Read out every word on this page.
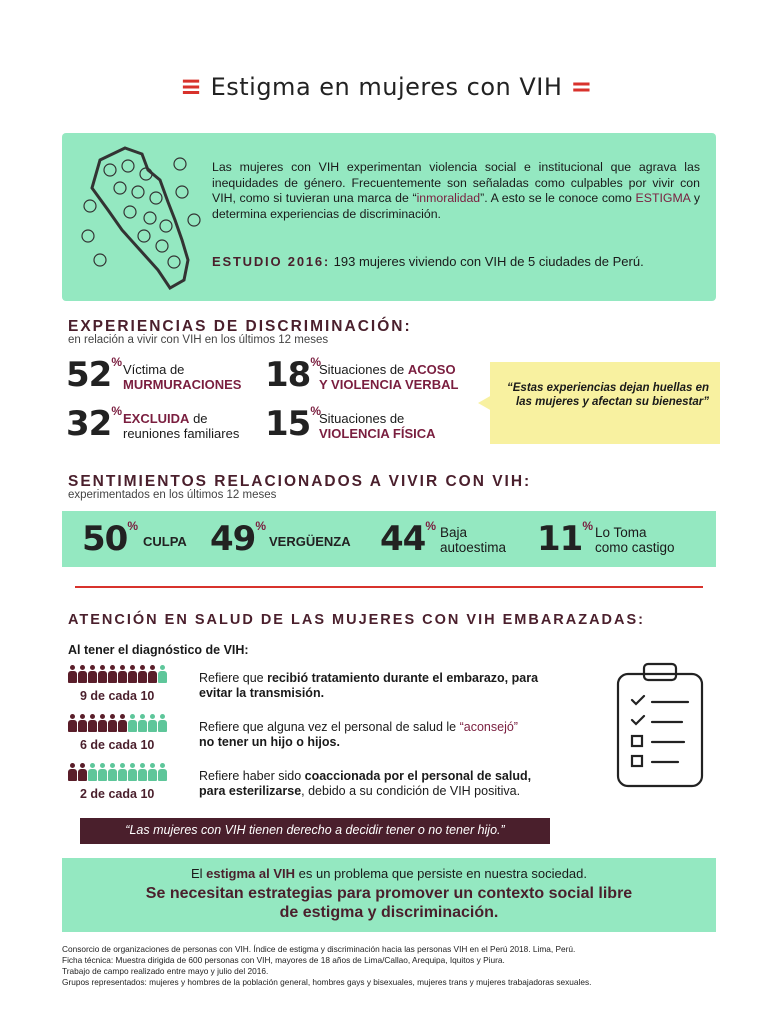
≡ Estigma en mujeres con VIH =
Las mujeres con VIH experimentan violencia social e institucional que agrava las inequidades de género. Frecuentemente son señaladas como culpables por vivir con VIH, como si tuvieran una marca de “inmoralidad”. A esto se le conoce como ESTIGMA y determina experiencias de discriminación.
ESTUDIO 2016: 193 mujeres viviendo con VIH de 5 ciudades de Perú.
EXPERIENCIAS DE DISCRIMINACIÓN:
en relación a vivir con VIH en los últimos 12 meses
52% Víctima de
MURMURACIONES 18%
Situaciones de ACOSO
Y VIOLENCIA VERBAL
32% EXCLUIDA de
reuniones familiares 15%
Situaciones de
VIOLENCIA FÍSICA
“Estas experiencias dejan huellas en las mujeres y afectan su bienestar”
SENTIMIENTOS RELACIONADOS A VIVIR CON VIH:
experimentados en los últimos 12 meses
50%
CULPA 49%
VERGÜENZA 44% Baja
autoestima 11% Lo Toma
como castigo
ATENCIÓN EN SALUD DE LAS MUJERES CON VIH EMBARAZADAS:
Al tener el diagnóstico de VIH:
9 de cada 10
Refiere que recibió tratamiento durante el embarazo, para
evitar la transmisión.
6 de cada 10
Refiere que alguna vez el personal de salud le “aconsejó”
no tener un hijo o hijos.
2 de cada 10
Refiere haber sido coaccionada por el personal de salud,
para esterilizarse, debido a su condición de VIH positiva.
“Las mujeres con VIH tienen derecho a decidir tener o no tener hijo.”
El estigma al VIH es un problema que persiste en nuestra sociedad.
Se necesitan estrategias para promover un contexto social libre
de estigma y discriminación.
Consorcio de organizaciones de personas con VIH. Índice de estigma y discriminación hacia las personas VIH en el Perú 2018. Lima, Perú.
Ficha técnica: Muestra dirigida de 600 personas con VIH, mayores de 18 años de Lima/Callao, Arequipa, Iquitos y Piura.
Trabajo de campo realizado entre mayo y julio del 2016.
Grupos representados: mujeres y hombres de la población general, hombres gays y bisexuales, mujeres trans y mujeres trabajadoras sexuales.
